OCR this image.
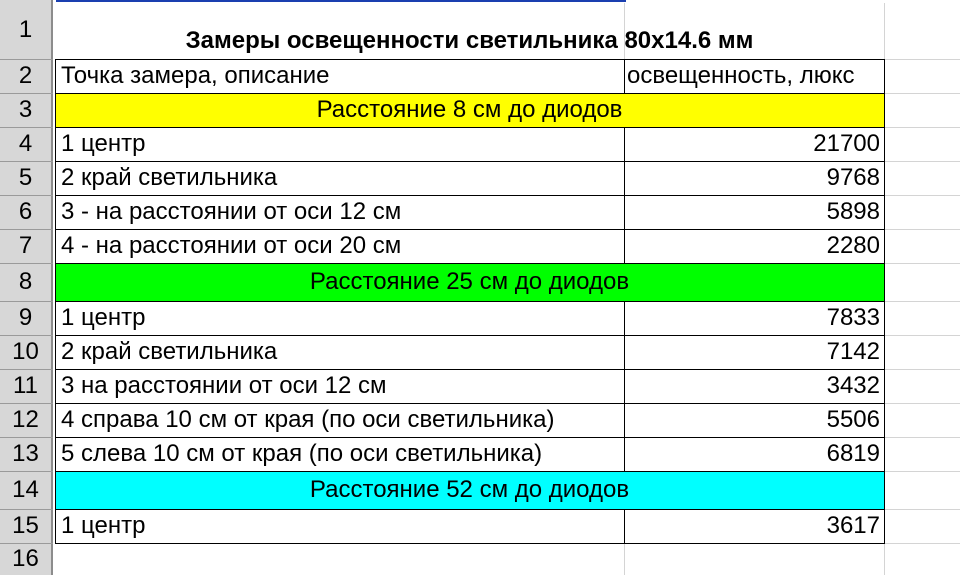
1
2
3
4
5
6
7
8
9
10
11
12
13
14
15
16
Замеры освещенности светильника 80х14.6 мм
Точка замера, описание	освещенность, люкс
Расстояние 8 см до диодов
1 центр	21700
2 край светильника	9768
3 - на расстоянии от оси 12 см	5898
4 - на расстоянии от оси 20 см	2280
Расстояние 25 см до диодов
1 центр	7833
2 край светильника	7142
3 на расстоянии от оси 12 см	3432
4 справа 10 см от края (по оси светильника)	5506
5 слева 10 см от края (по оси светильника)	6819
Расстояние 52 см до диодов
1 центр	3617
